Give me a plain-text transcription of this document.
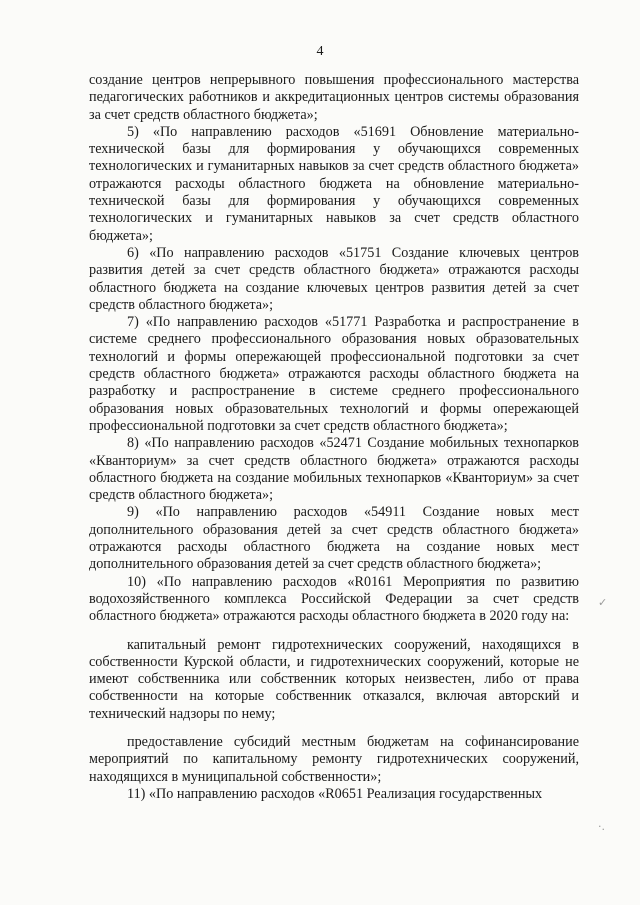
4

создание центров непрерывного повышения профессионального мастерства педагогических работников и аккредитационных центров системы образования за счет средств областного бюджета»;

5) «По направлению расходов «51691 Обновление материально-технической базы для формирования у обучающихся современных технологических и гуманитарных навыков за счет средств областного бюджета» отражаются расходы областного бюджета на обновление материально-технической базы для формирования у обучающихся современных технологических и гуманитарных навыков за счет средств областного бюджета»;

6) «По направлению расходов «51751 Создание ключевых центров развития детей за счет средств областного бюджета» отражаются расходы областного бюджета на создание ключевых центров развития детей за счет средств областного бюджета»;

7) «По направлению расходов «51771 Разработка и распространение в системе среднего профессионального образования новых образовательных технологий и формы опережающей профессиональной подготовки за счет средств областного бюджета» отражаются расходы областного бюджета на разработку и распространение в системе среднего профессионального образования новых образовательных технологий и формы опережающей профессиональной подготовки за счет средств областного бюджета»;

8) «По направлению расходов «52471 Создание мобильных технопарков «Кванториум» за счет средств областного бюджета» отражаются расходы областного бюджета на создание мобильных технопарков «Кванториум» за счет средств областного бюджета»;

9) «По направлению расходов «54911 Создание новых мест дополнительного образования детей за счет средств областного бюджета» отражаются расходы областного бюджета на создание новых мест дополнительного образования детей за счет средств областного бюджета»;

10) «По направлению расходов «R0161 Мероприятия по развитию водохозяйственного комплекса Российской Федерации за счет средств областного бюджета» отражаются расходы областного бюджета в 2020 году на:

капитальный ремонт гидротехнических сооружений, находящихся в собственности Курской области, и гидротехнических сооружений, которые не имеют собственника или собственник которых неизвестен, либо от права собственности на которые собственник отказался, включая авторский и технический надзоры по нему;

предоставление субсидий местным бюджетам на софинансирование мероприятий по капитальному ремонту гидротехнических сооружений, находящихся в муниципальной собственности»;

11) «По направлению расходов «R0651 Реализация государственных

✓
·.
